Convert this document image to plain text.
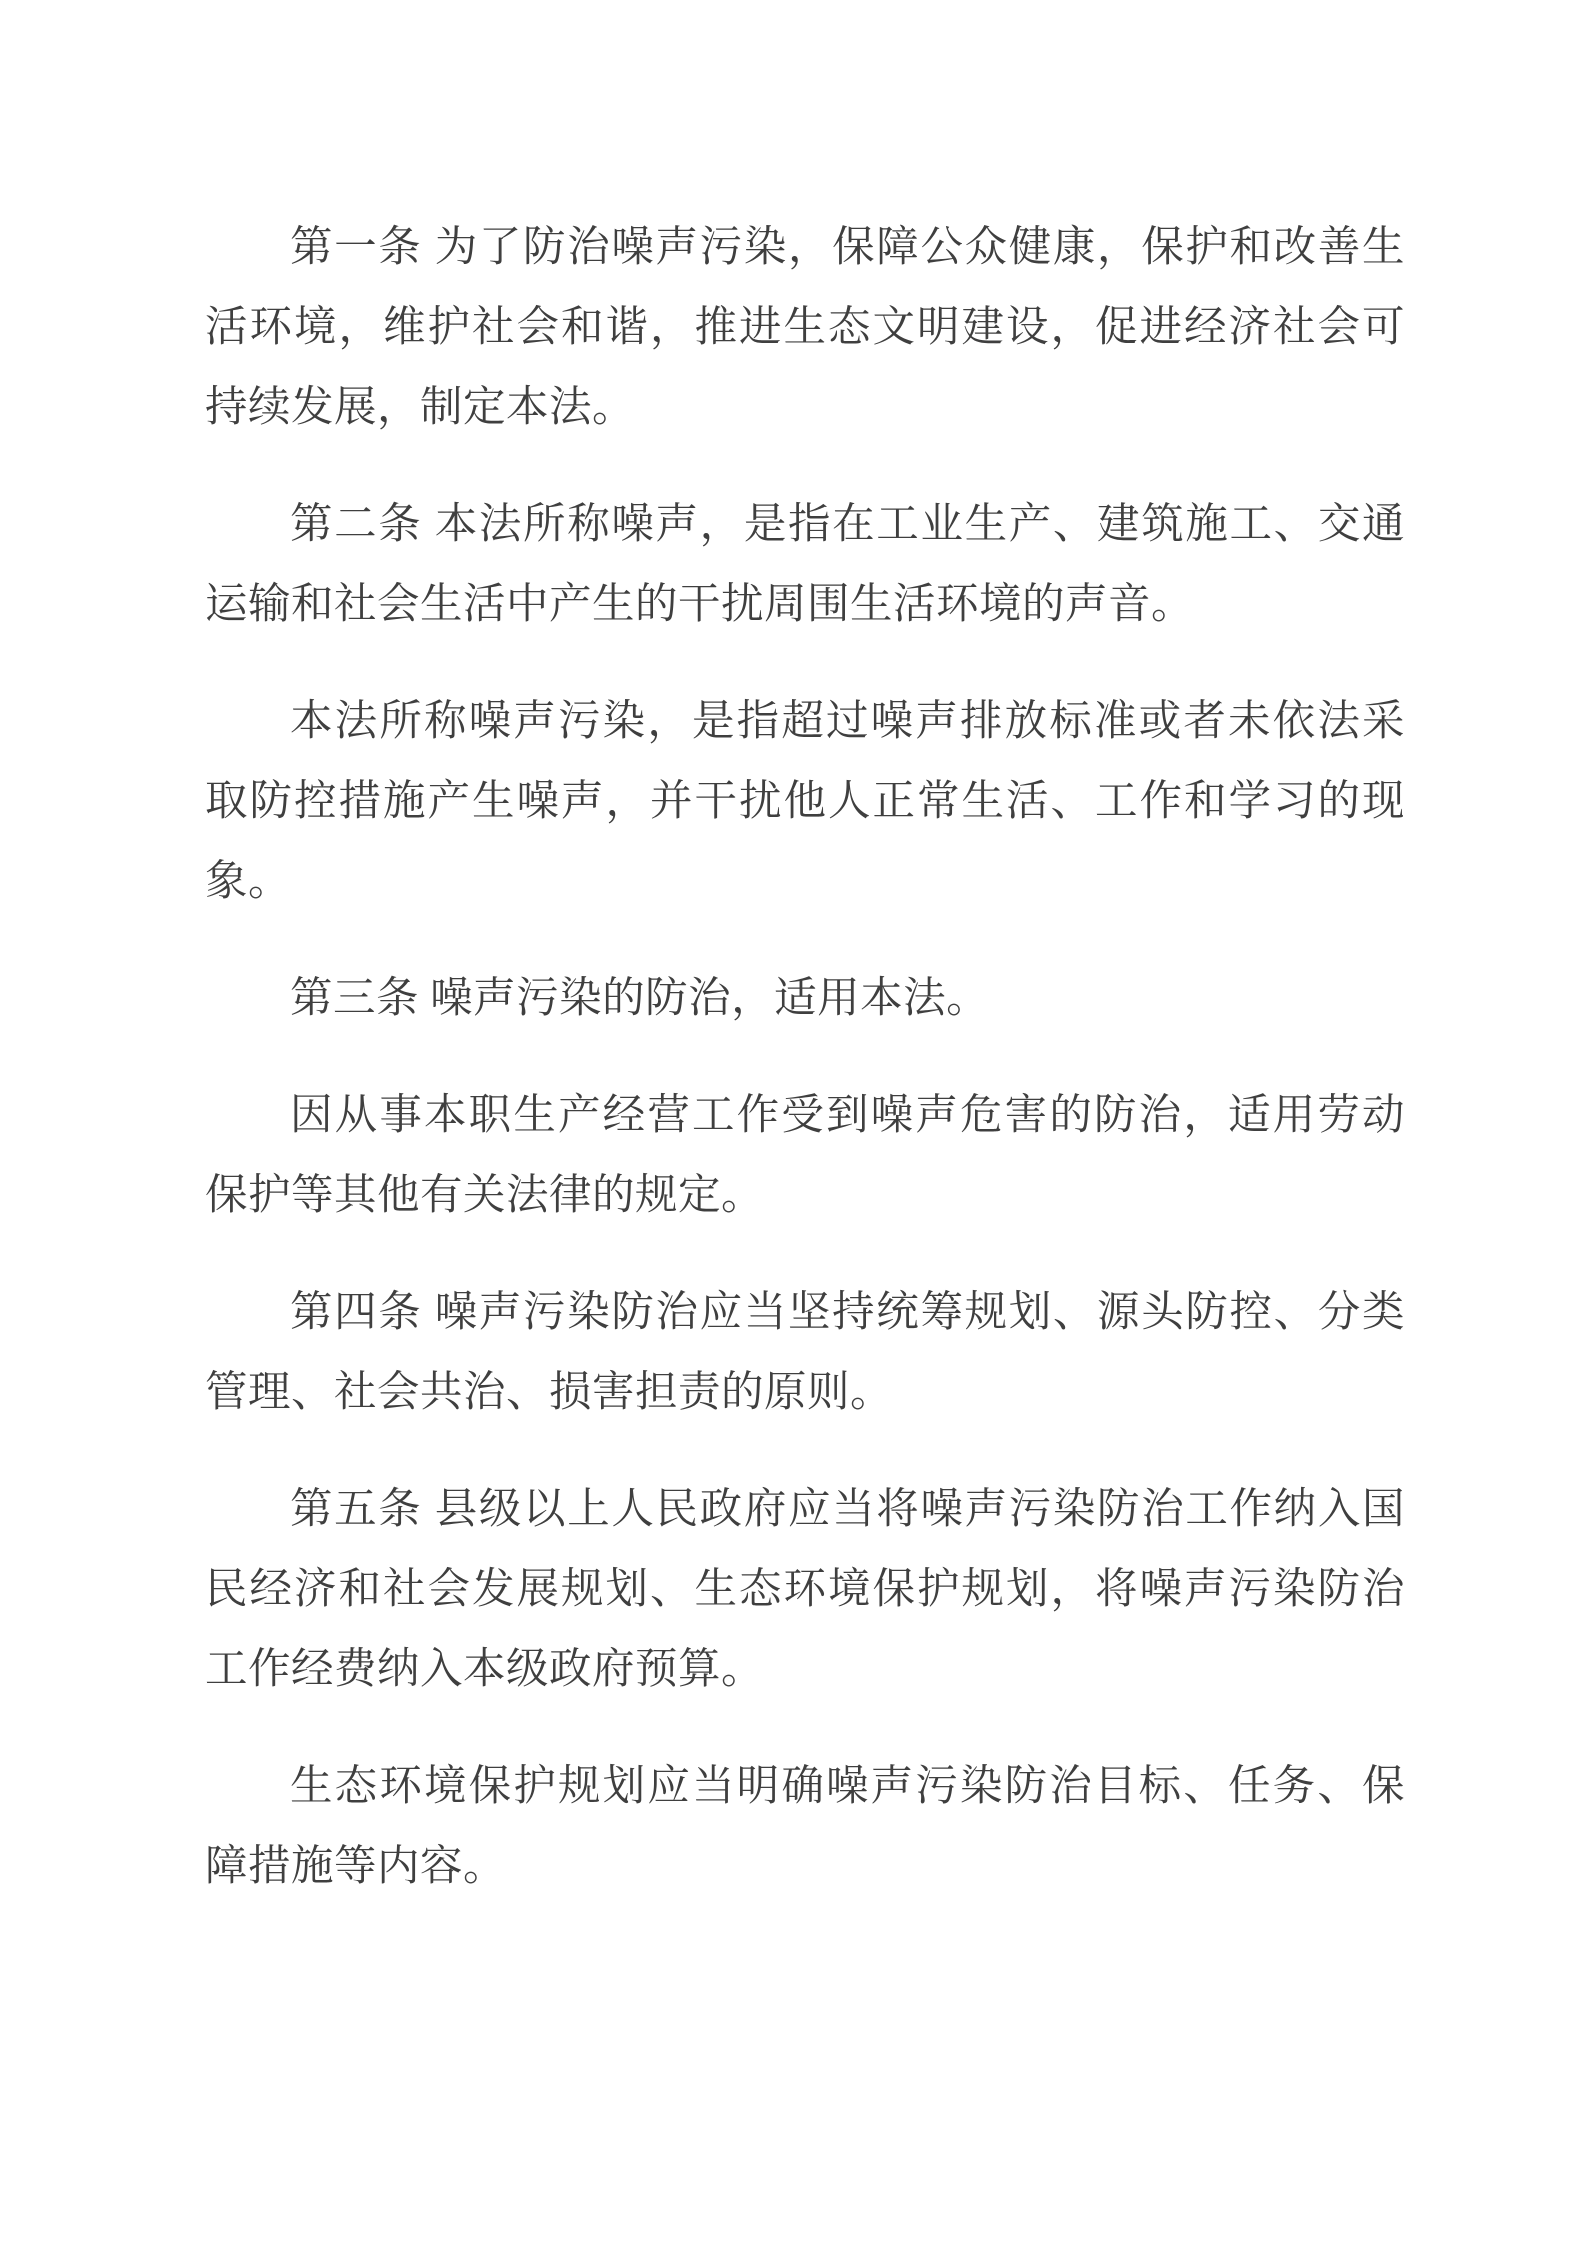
第一条 为了防治噪声污染，保障公众健康，保护和改善生活环境，维护社会和谐，推进生态文明建设，促进经济社会可持续发展，制定本法。

第二条 本法所称噪声，是指在工业生产、建筑施工、交通运输和社会生活中产生的干扰周围生活环境的声音。

本法所称噪声污染，是指超过噪声排放标准或者未依法采取防控措施产生噪声，并干扰他人正常生活、工作和学习的现象。

第三条 噪声污染的防治，适用本法。

因从事本职生产经营工作受到噪声危害的防治，适用劳动保护等其他有关法律的规定。

第四条 噪声污染防治应当坚持统筹规划、源头防控、分类管理、社会共治、损害担责的原则。

第五条 县级以上人民政府应当将噪声污染防治工作纳入国民经济和社会发展规划、生态环境保护规划，将噪声污染防治工作经费纳入本级政府预算。

生态环境保护规划应当明确噪声污染防治目标、任务、保障措施等内容。
